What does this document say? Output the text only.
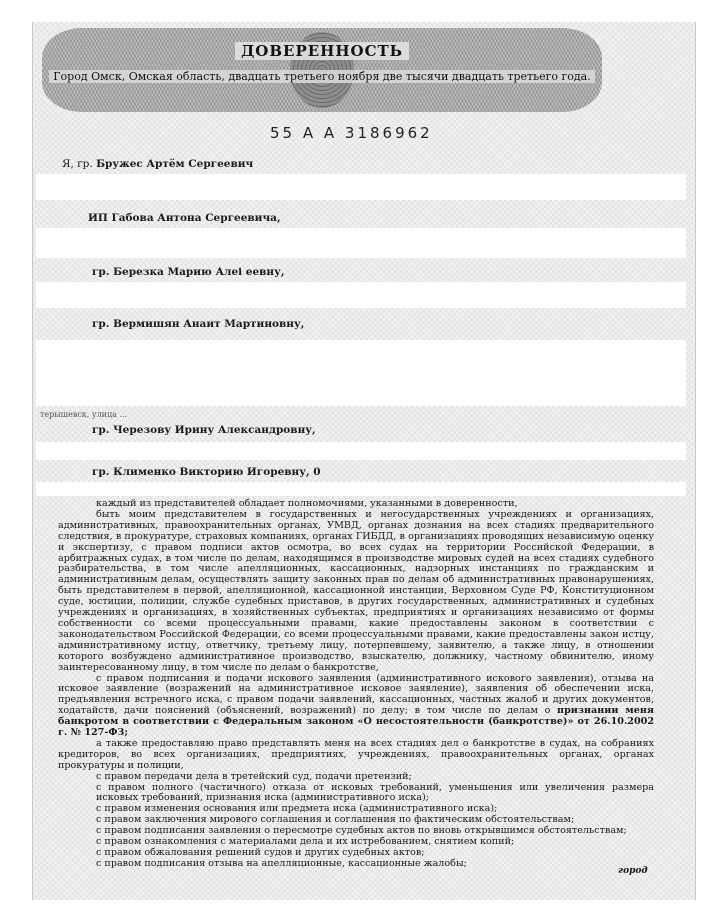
ДОВЕРЕННОСТЬ
Город Омск, Омская область, двадцать третьего ноября две тысячи двадцать третьего года.
55 А А 3186962
Я, гр. Бружес Артём Сергеевич
ИП Габова Антона Сергеевича,
гр. Березка Марию Алеі еевну,
гр. Вермишян Анаит Мартиновну,
терышевск, улица ...
гр. Черезову Ирину Александровну,
гр. Клименко Викторию Игоревну, 0

каждый из представителей обладает полномочиями, указанными в доверенности,

быть моим представителем в государственных и негосударственных учреждениях и организациях, административных, правоохранительных органах, УМВД, органах дознания на всех стадиях предварительного следствия, в прокуратуре, страховых компаниях, органах ГИБДД, в организациях проводящих независимую оценку и экспертизу, с правом подписи актов осмотра, во всех судах на территории Российской Федерации, в арбитражных судах, в том числе по делам, находящимся в производстве мировых судей на всех стадиях судебного разбирательства, в том числе апелляционных, кассационных, надзорных инстанциях по гражданским и административным делам, осуществлять защиту законных прав по делам об административных правонарушениях, быть представителем в первой, апелляционной, кассационной инстанции, Верховном Суде РФ, Конституционном суде, юстиции, полиции, службе судебных приставов, в других государственных, административных и судебных учреждениях и организациях, в хозяйственных субъектах, предприятиях и организациях независимо от формы собственности со всеми процессуальными правами, какие предоставлены законом в соответствии с законодательством Российской Федерации, со всеми процессуальными правами, какие предоставлены закон истцу, административному истцу, ответчику, третьему лицу, потерпевшему, заявителю, а также лицу, в отношении которого возбуждено административное производство, взыскателю, должнику, частному обвинителю, иному заинтересованному лицу, в том числе по делам о банкротстве,

с правом подписания и подачи искового заявления (административного искового заявления), отзыва на исковое заявление (возражений на административное исковое заявление), заявления об обеспечении иска, предъявления встречного иска, с правом подачи заявлений, кассационных, частных жалоб и других документов, ходатайств, дачи пояснений (объяснений, возражений) по делу; в том числе по делам о признании меня банкротом в соответствии с Федеральным законом «О несостоятельности (банкротстве)» от 26.10.2002 г. № 127-ФЗ;

а также предоставляю право представлять меня на всех стадиях дел о банкротстве в судах, на собраниях кредиторов, во всех организациях, предприятиях, учреждениях, правоохранительных органах, органах прокуратуры и полиции,

с правом передачи дела в третейский суд, подачи претензий;

с правом полного (частичного) отказа от исковых требований, уменьшения или увеличения размера исковых требований, признания иска (административного иска);

с правом изменения основания или предмета иска (административного иска);

с правом заключения мирового соглашения и соглашения по фактическим обстоятельствам;

с правом подписания заявления о пересмотре судебных актов по вновь открывшимся обстоятельствам;

с правом ознакомления с материалами дела и их истребованием, снятием копий;

с правом обжалования решений судов и других судебных актов;

с правом подписания отзыва на апелляционные, кассационные жалобы;

город
